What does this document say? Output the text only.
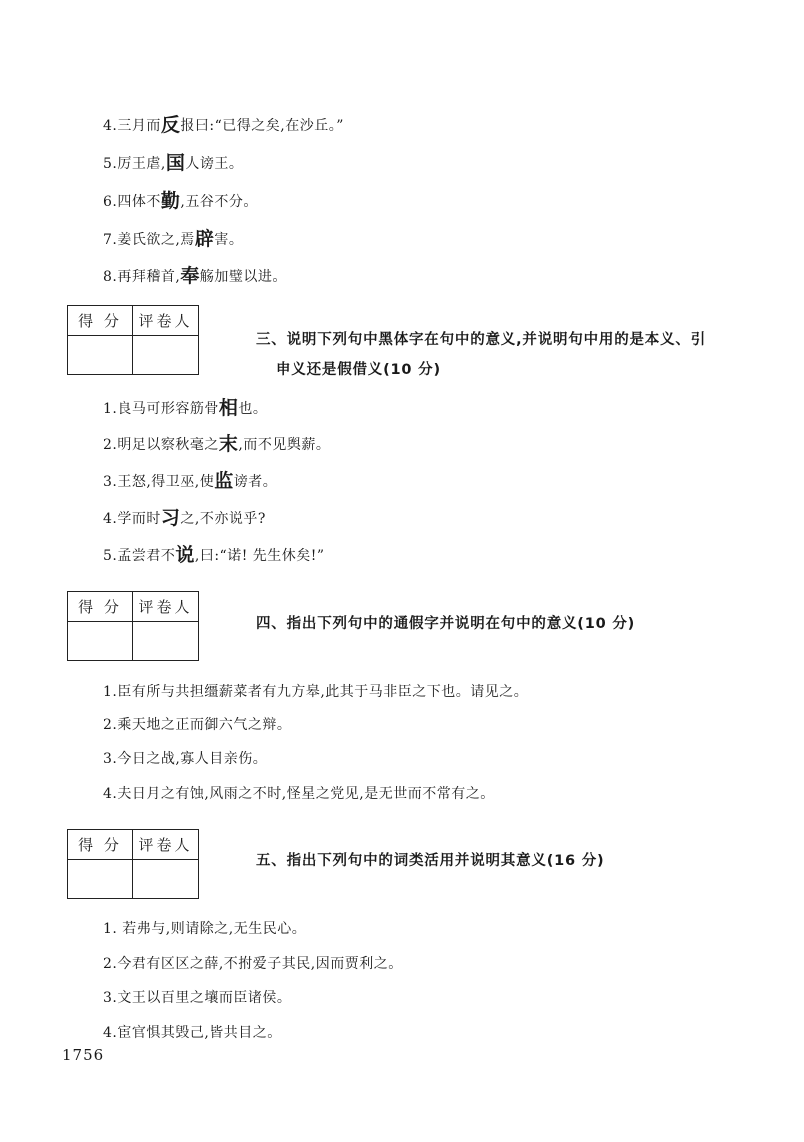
4.三月而反报曰:“已得之矣,在沙丘。”
5.厉王虐,国人谤王。
6.四体不勤,五谷不分。
7.姜氏欲之,焉辟害。
8.再拜稽首,奉觞加璧以进。
得 分	评卷人
三、说明下列句中黑体字在句中的意义,并说明句中用的是本义、引
申义还是假借义(10 分)
1.良马可形容筋骨相也。
2.明足以察秋毫之末,而不见舆薪。
3.王怒,得卫巫,使监谤者。
4.学而时习之,不亦说乎?
5.孟尝君不说,曰:“诺! 先生休矣!”
得 分	评卷人
四、指出下列句中的通假字并说明在句中的意义(10 分)
1.臣有所与共担缰薪菜者有九方皋,此其于马非臣之下也。请见之。
2.乘天地之正而御六气之辩。
3.今日之战,寡人目亲伤。
4.夫日月之有蚀,风雨之不时,怪星之党见,是无世而不常有之。
得 分	评卷人
五、指出下列句中的词类活用并说明其意义(16 分)
1. 若弗与,则请除之,无生民心。
2.今君有区区之薛,不拊爱子其民,因而贾利之。
3.文王以百里之壤而臣诸侯。
4.宦官惧其毁己,皆共目之。
1756
